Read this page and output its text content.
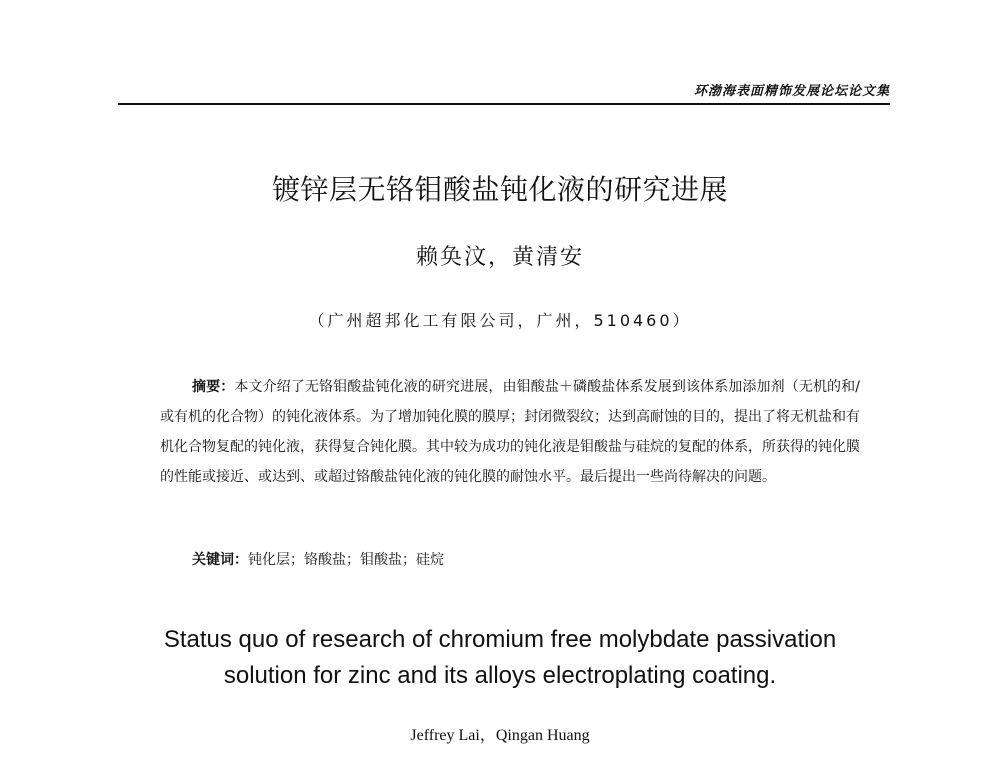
环渤海表面精饰发展论坛论文集
镀锌层无铬钼酸盐钝化液的研究进展
赖奂汶，黄清安
（广州超邦化工有限公司，广州，510460）

摘要：本文介绍了无铬钼酸盐钝化液的研究进展，由钼酸盐＋磷酸盐体系发展到该体系加添加剂（无机的和/或有机的化合物）的钝化液体系。为了增加钝化膜的膜厚；封闭微裂纹；达到高耐蚀的目的，提出了将无机盐和有机化合物复配的钝化液，获得复合钝化膜。其中较为成功的钝化液是钼酸盐与硅烷的复配的体系，所获得的钝化膜的性能或接近、或达到、或超过铬酸盐钝化液的钝化膜的耐蚀水平。最后提出一些尚待解决的问题。

关键词：钝化层；铬酸盐；钼酸盐；硅烷
Status quo of research of chromium free molybdate passivation
solution for zinc and its alloys electroplating coating.
Jeffrey Lai，Qingan Huang
